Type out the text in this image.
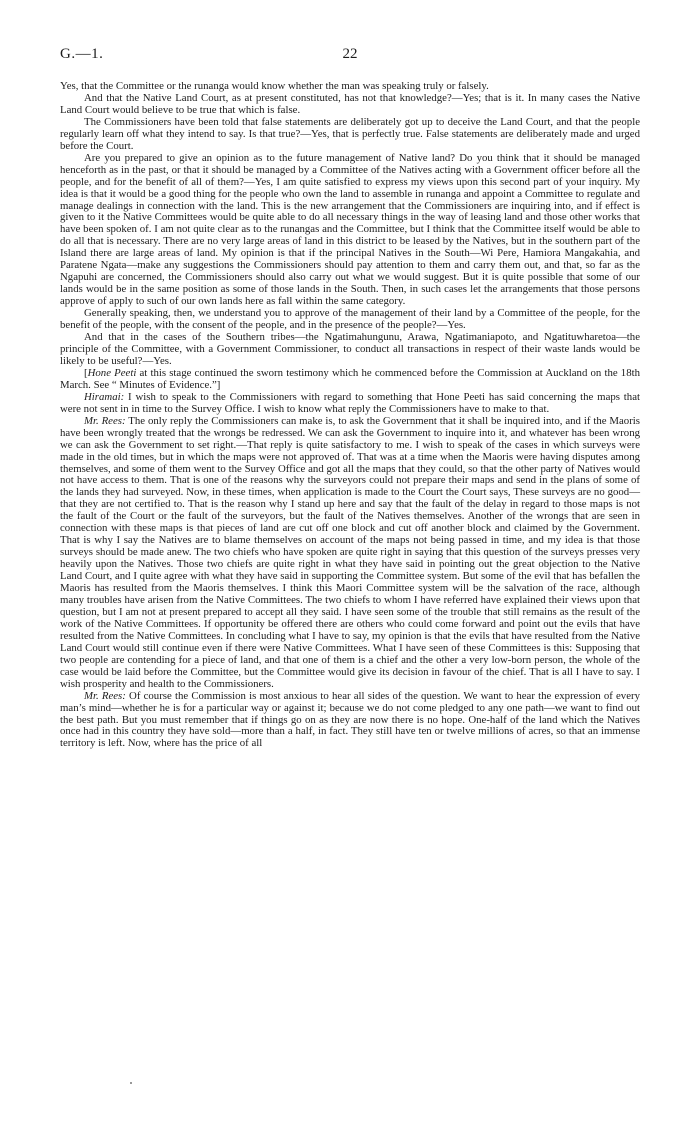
G.—1.	22

Yes, that the Committee or the runanga would know whether the man was speaking truly or falsely.

And that the Native Land Court, as at present constituted, has not that knowledge?—Yes; that is it. In many cases the Native Land Court would believe to be true that which is false.

The Commissioners have been told that false statements are deliberately got up to deceive the Land Court, and that the people regularly learn off what they intend to say. Is that true?—Yes, that is perfectly true. False statements are deliberately made and urged before the Court.

Are you prepared to give an opinion as to the future management of Native land? Do you think that it should be managed henceforth as in the past, or that it should be managed by a Committee of the Natives acting with a Government officer before all the people, and for the benefit of all of them?—Yes, I am quite satisfied to express my views upon this second part of your inquiry. My idea is that it would be a good thing for the people who own the land to assemble in runanga and appoint a Committee to regulate and manage dealings in connection with the land. This is the new arrangement that the Commissioners are inquiring into, and if effect is given to it the Native Committees would be quite able to do all necessary things in the way of leasing land and those other works that have been spoken of. I am not quite clear as to the runangas and the Committee, but I think that the Committee itself would be able to do all that is necessary. There are no very large areas of land in this district to be leased by the Natives, but in the southern part of the Island there are large areas of land. My opinion is that if the principal Natives in the South—Wi Pere, Hamiora Mangakahia, and Paratene Ngata—make any suggestions the Commissioners should pay attention to them and carry them out, and that, so far as the Ngapuhi are concerned, the Commissioners should also carry out what we would suggest. But it is quite possible that some of our lands would be in the same position as some of those lands in the South. Then, in such cases let the arrangements that those persons approve of apply to such of our own lands here as fall within the same category.

Generally speaking, then, we understand you to approve of the management of their land by a Committee of the people, for the benefit of the people, with the consent of the people, and in the presence of the people?—Yes.

And that in the cases of the Southern tribes—the Ngatimahungunu, Arawa, Ngatimaniapoto, and Ngatituwharetoa—the principle of the Committee, with a Government Commissioner, to conduct all transactions in respect of their waste lands would be likely to be useful?—Yes.

[Hone Peeti at this stage continued the sworn testimony which he commenced before the Commission at Auckland on the 18th March. See “ Minutes of Evidence.”]

Hiramai: I wish to speak to the Commissioners with regard to something that Hone Peeti has said concerning the maps that were not sent in in time to the Survey Office. I wish to know what reply the Commissioners have to make to that.

Mr. Rees: The only reply the Commissioners can make is, to ask the Government that it shall be inquired into, and if the Maoris have been wrongly treated that the wrongs be redressed. We can ask the Government to inquire into it, and whatever has been wrong we can ask the Government to set right.—That reply is quite satisfactory to me. I wish to speak of the cases in which surveys were made in the old times, but in which the maps were not approved of. That was at a time when the Maoris were having disputes among themselves, and some of them went to the Survey Office and got all the maps that they could, so that the other party of Natives would not have access to them. That is one of the reasons why the surveyors could not prepare their maps and send in the plans of some of the lands they had surveyed. Now, in these times, when application is made to the Court the Court says, These surveys are no good—that they are not certified to. That is the reason why I stand up here and say that the fault of the delay in regard to those maps is not the fault of the Court or the fault of the surveyors, but the fault of the Natives themselves. Another of the wrongs that are seen in connection with these maps is that pieces of land are cut off one block and cut off another block and claimed by the Government. That is why I say the Natives are to blame themselves on account of the maps not being passed in time, and my idea is that those surveys should be made anew. The two chiefs who have spoken are quite right in saying that this question of the surveys presses very heavily upon the Natives. Those two chiefs are quite right in what they have said in pointing out the great objection to the Native Land Court, and I quite agree with what they have said in supporting the Committee system. But some of the evil that has befallen the Maoris has resulted from the Maoris themselves. I think this Maori Committee system will be the salvation of the race, although many troubles have arisen from the Native Committees. The two chiefs to whom I have referred have explained their views upon that question, but I am not at present prepared to accept all they said. I have seen some of the trouble that still remains as the result of the work of the Native Committees. If opportunity be offered there are others who could come forward and point out the evils that have resulted from the Native Committees. In concluding what I have to say, my opinion is that the evils that have resulted from the Native Land Court would still continue even if there were Native Committees. What I have seen of these Committees is this: Supposing that two people are contending for a piece of land, and that one of them is a chief and the other a very low-born person, the whole of the case would be laid before the Committee, but the Committee would give its decision in favour of the chief. That is all I have to say. I wish prosperity and health to the Commissioners.

Mr. Rees: Of course the Commission is most anxious to hear all sides of the question. We want to hear the expression of every man’s mind—whether he is for a particular way or against it; because we do not come pledged to any one path—we want to find out the best path. But you must remember that if things go on as they are now there is no hope. One-half of the land which the Natives once had in this country they have sold—more than a half, in fact. They still have ten or twelve millions of acres, so that an immense territory is left. Now, where has the price of all
